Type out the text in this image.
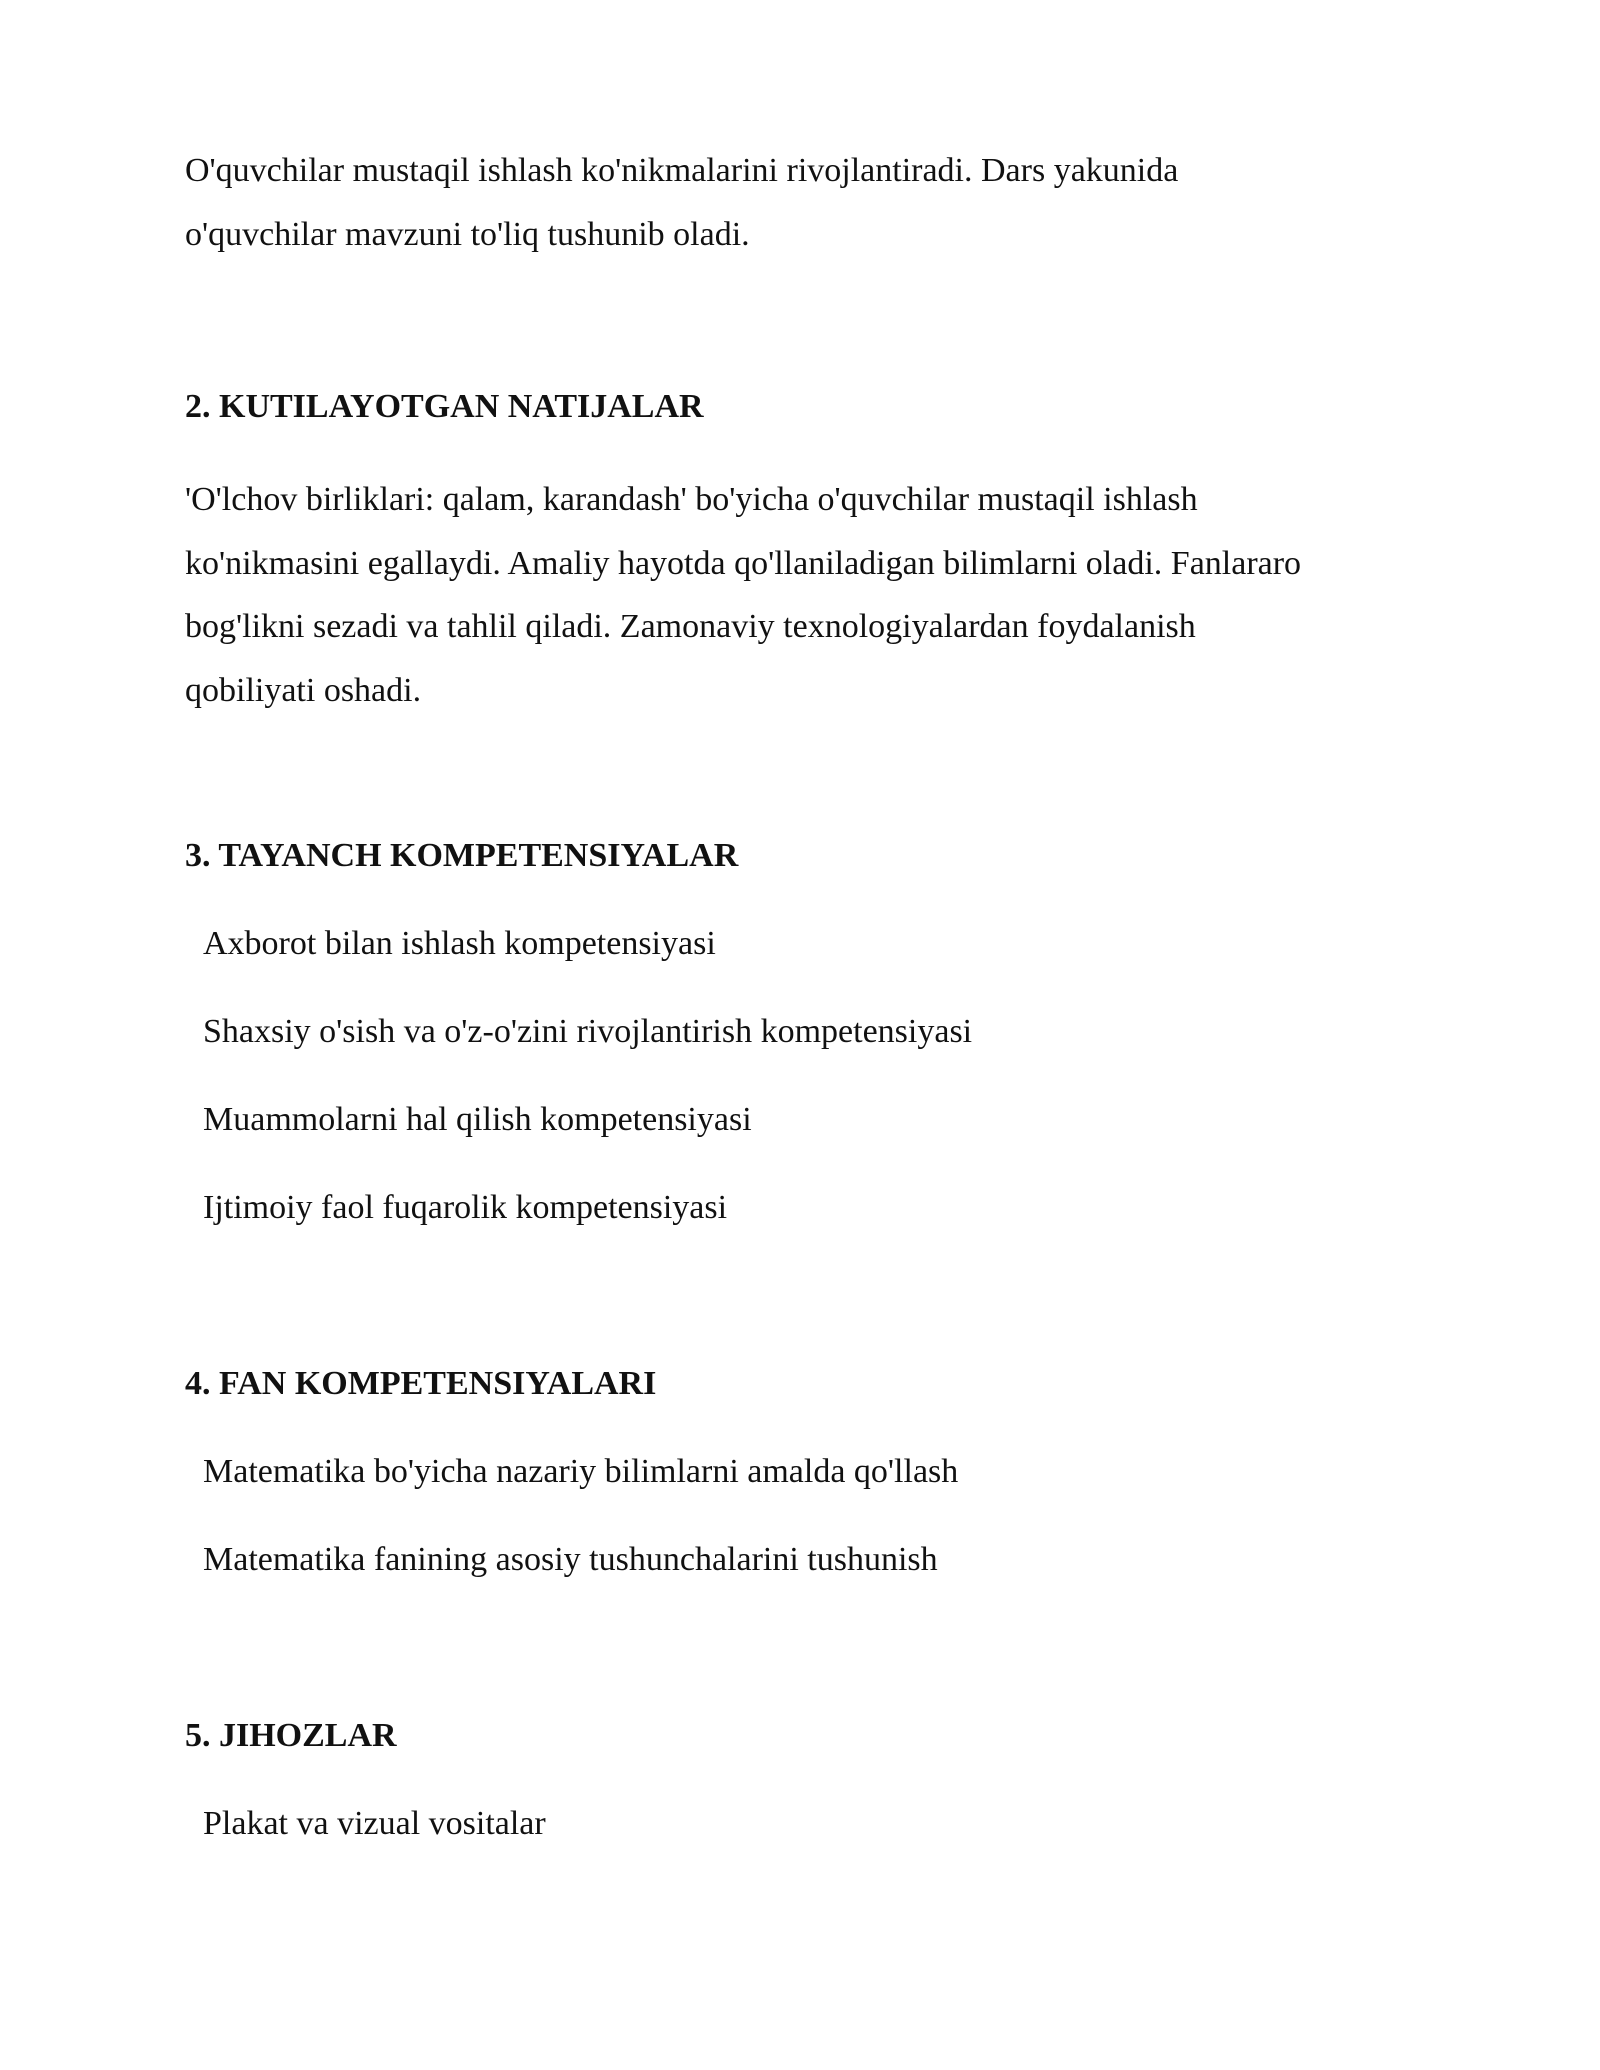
O'quvchilar mustaqil ishlash ko'nikmalarini rivojlantiradi. Dars yakunida
o'quvchilar mavzuni to'liq tushunib oladi.

2. KUTILAYOTGAN NATIJALAR

'O'lchov birliklari: qalam, karandash' bo'yicha o'quvchilar mustaqil ishlash
ko'nikmasini egallaydi. Amaliy hayotda qo'llaniladigan bilimlarni oladi. Fanlararo
bog'likni sezadi va tahlil qiladi. Zamonaviy texnologiyalardan foydalanish
qobiliyati oshadi.

3. TAYANCH KOMPETENSIYALAR

Axborot bilan ishlash kompetensiyasi

Shaxsiy o'sish va o'z-o'zini rivojlantirish kompetensiyasi

Muammolarni hal qilish kompetensiyasi

Ijtimoiy faol fuqarolik kompetensiyasi

4. FAN KOMPETENSIYALARI

Matematika bo'yicha nazariy bilimlarni amalda qo'llash

Matematika fanining asosiy tushunchalarini tushunish

5. JIHOZLAR

Plakat va vizual vositalar
